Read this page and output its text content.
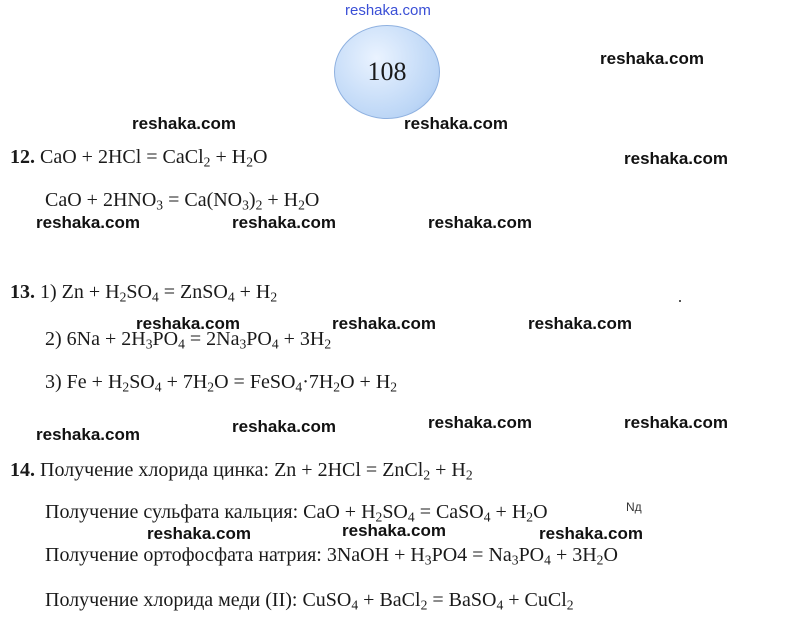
reshaka.com
108	reshaka.com
reshaka.com	reshaka.com
reshaka.com
reshaka.com	reshaka.com	reshaka.com
reshaka.com	reshaka.com	reshaka.com
reshaka.com	reshaka.com	reshaka.com	reshaka.com
reshaka.com	reshaka.com	reshaka.com
12. CaO + 2HCl = CaCl$_2$ + $H_2O$
CaO + $2HNO_3 = Ca(NO_3)_2 + H_2O$
13. 1) $Zn + H_2SO_4$ = ZnSO$_4$ + $H_2$
2) $6Na + 2H_3PO_4 = 2Na_3PO_4 + 3H_2$
3) $Fe + H_2SO_4 + 7H_2O$ = $FeSO_4\cdot 7H_2O + H_2$
14. Получение хлорида цинка: Zn + 2HCl = ZnCl$_2$ + $H_2$
Получение сульфата кальция: CaO + $H_2SO_4$ = CaSO$_4$ + $H_2O$
Получение ортофосфата натрия: 3NaOH + $H_3PO4 = Na_3PO_4 + 3H_2O$
Получение хлорида меди (II): CuSO$_4$ + BaCl$_2$ = BaSO$_4$ + CuCl$_2$
Nд
